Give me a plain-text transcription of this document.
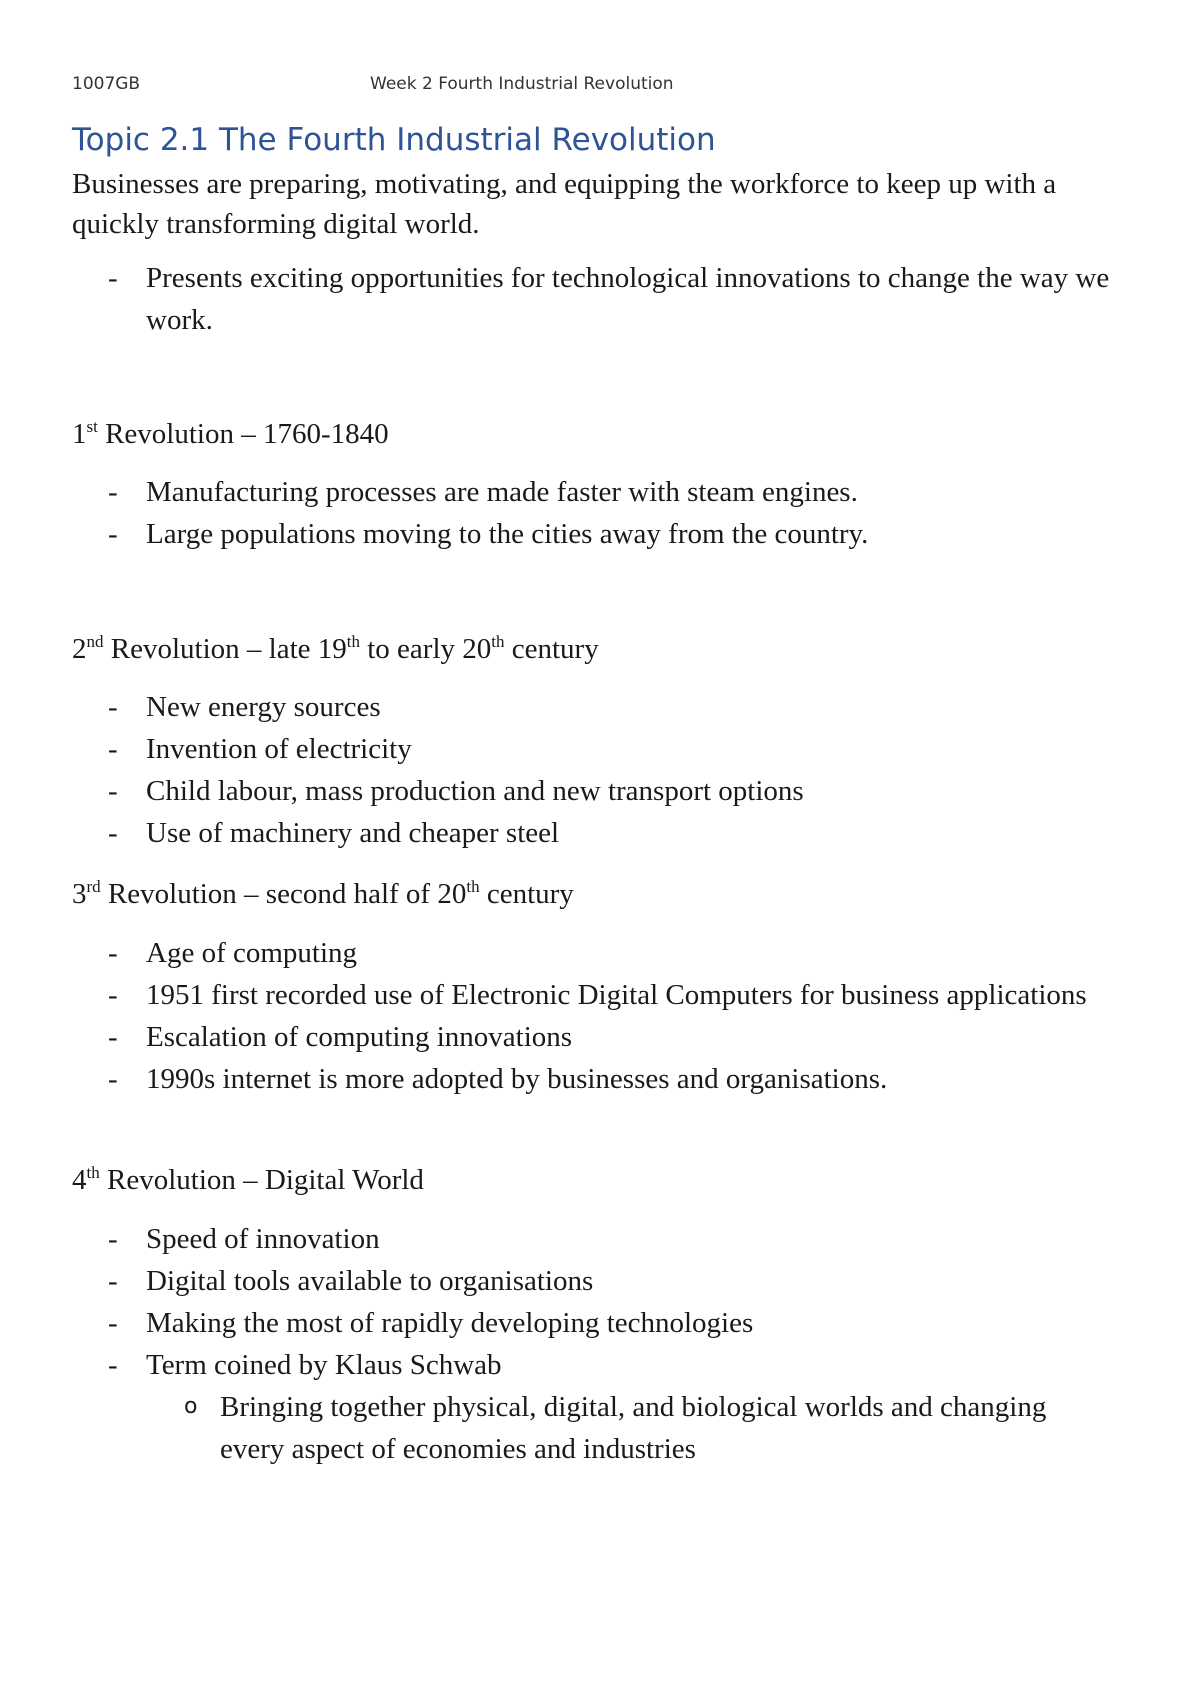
1007GB	Week 2 Fourth Industrial Revolution
Topic 2.1 The Fourth Industrial Revolution

Businesses are preparing, motivating, and equipping the workforce to keep up with a quickly transforming digital world.

- Presents exciting opportunities for technological innovations to change the way we work.
1st Revolution – 1760-1840
- Manufacturing processes are made faster with steam engines.
- Large populations moving to the cities away from the country.
2nd Revolution – late 19th to early 20th century
- New energy sources
- Invention of electricity
- Child labour, mass production and new transport options
- Use of machinery and cheaper steel
3rd Revolution – second half of 20th century
- Age of computing
- 1951 first recorded use of Electronic Digital Computers for business applications
- Escalation of computing innovations
- 1990s internet is more adopted by businesses and organisations.
4th Revolution – Digital World
- Speed of innovation
- Digital tools available to organisations
- Making the most of rapidly developing technologies
- Term coined by Klaus Schwab
o Bringing together physical, digital, and biological worlds and changing every aspect of economies and industries
